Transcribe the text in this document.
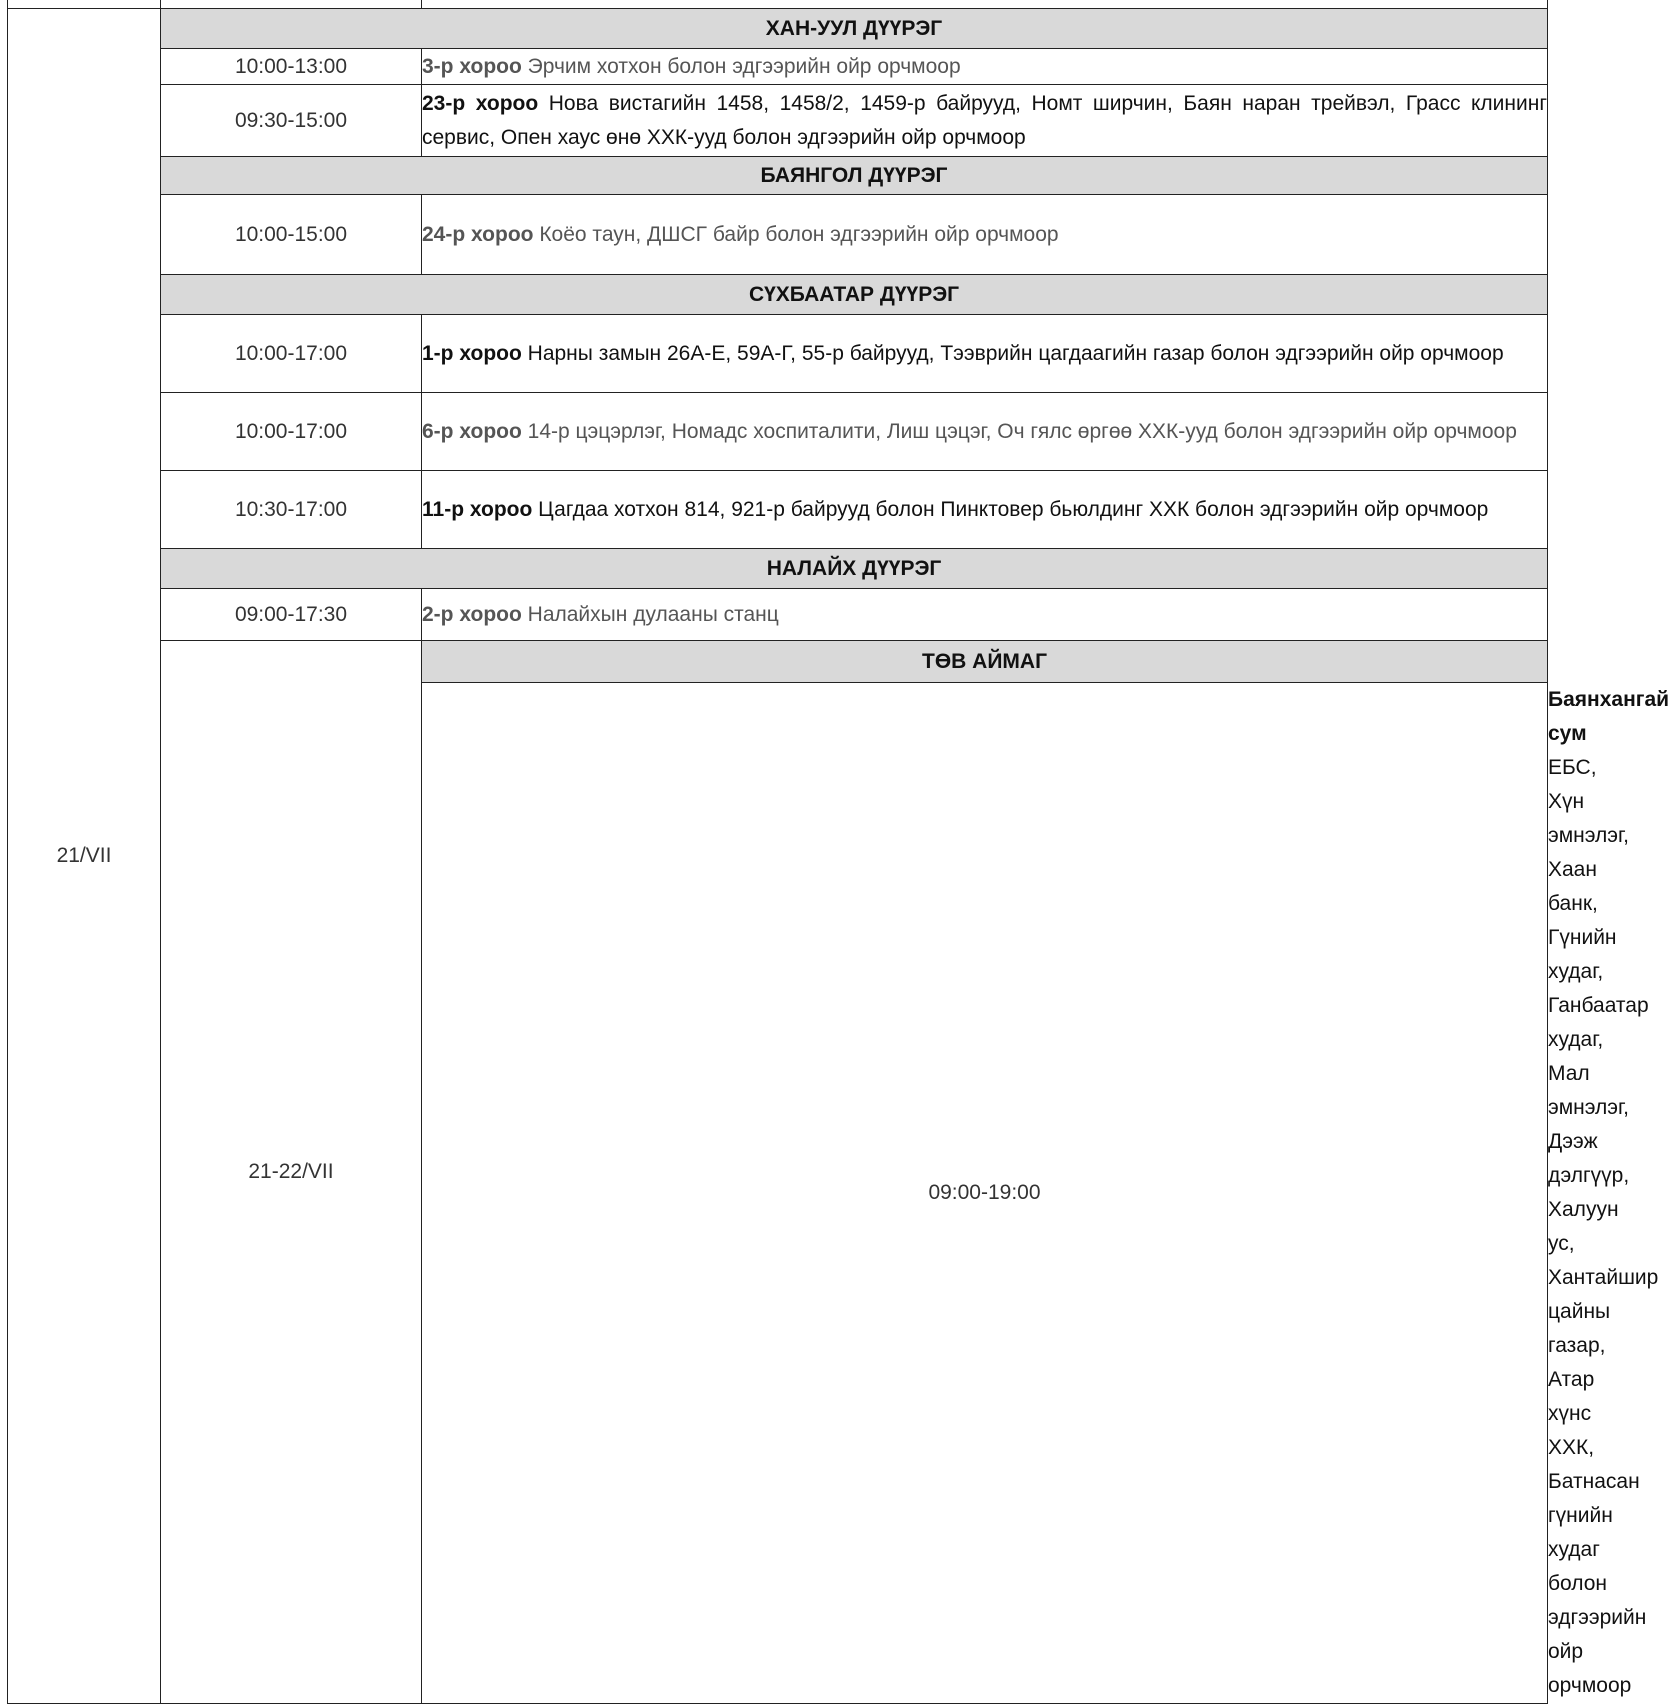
21/VII	ХАН-УУЛ ДҮҮРЭГ		
	10:00-13:00	3-р хороо Эрчим хотхон болон эдгээрийн ойр орчмоор	
	09:30-15:00	23-р хороо Нова вистагийн 1458, 1458/2, 1459-р байрууд, Номт ширчин, Баян наран трейвэл, Грасс клининг сервис, Опен хаус өнө ХХК-ууд болон эдгээрийн ойр орчмоор	
	БАЯНГОЛ ДҮҮРЭГ		
	10:00-15:00	24-р хороо Коёо таун, ДШСГ байр болон эдгээрийн ойр орчмоор	
	СҮХБААТАР ДҮҮРЭГ		
	10:00-17:00	1-р хороо Нарны замын 26А-Е, 59А-Г, 55-р байрууд, Тээврийн цагдаагийн газар болон эдгээрийн ойр орчмоор	
	10:00-17:00	6-р хороо 14-р цэцэрлэг, Номадс хоспиталити, Лиш цэцэг, Оч гялс өргөө ХХК-ууд болон эдгээрийн ойр орчмоор	
	10:30-17:00	11-р хороо Цагдаа хотхон 814, 921-р байрууд болон Пинктовер бьюлдинг ХХК болон эдгээрийн ойр орчмоор	
	НАЛАЙХ ДҮҮРЭГ		
	09:00-17:30	2-р хороо Налайхын дулааны станц	
	21-22/VII	ТӨВ АЙМАГ	
		09:00-19:00	Баянхангай сум ЕБС, Хүн эмнэлэг, Хаан банк, Гүнийн худаг, Ганбаатар худаг, Мал эмнэлэг, Дээж дэлгүүр, Халуун ус, Хантайшир цайны газар, Атар хүнс ХХК, Батнасан гүнийн худаг болон эдгээрийн ойр орчмоор
